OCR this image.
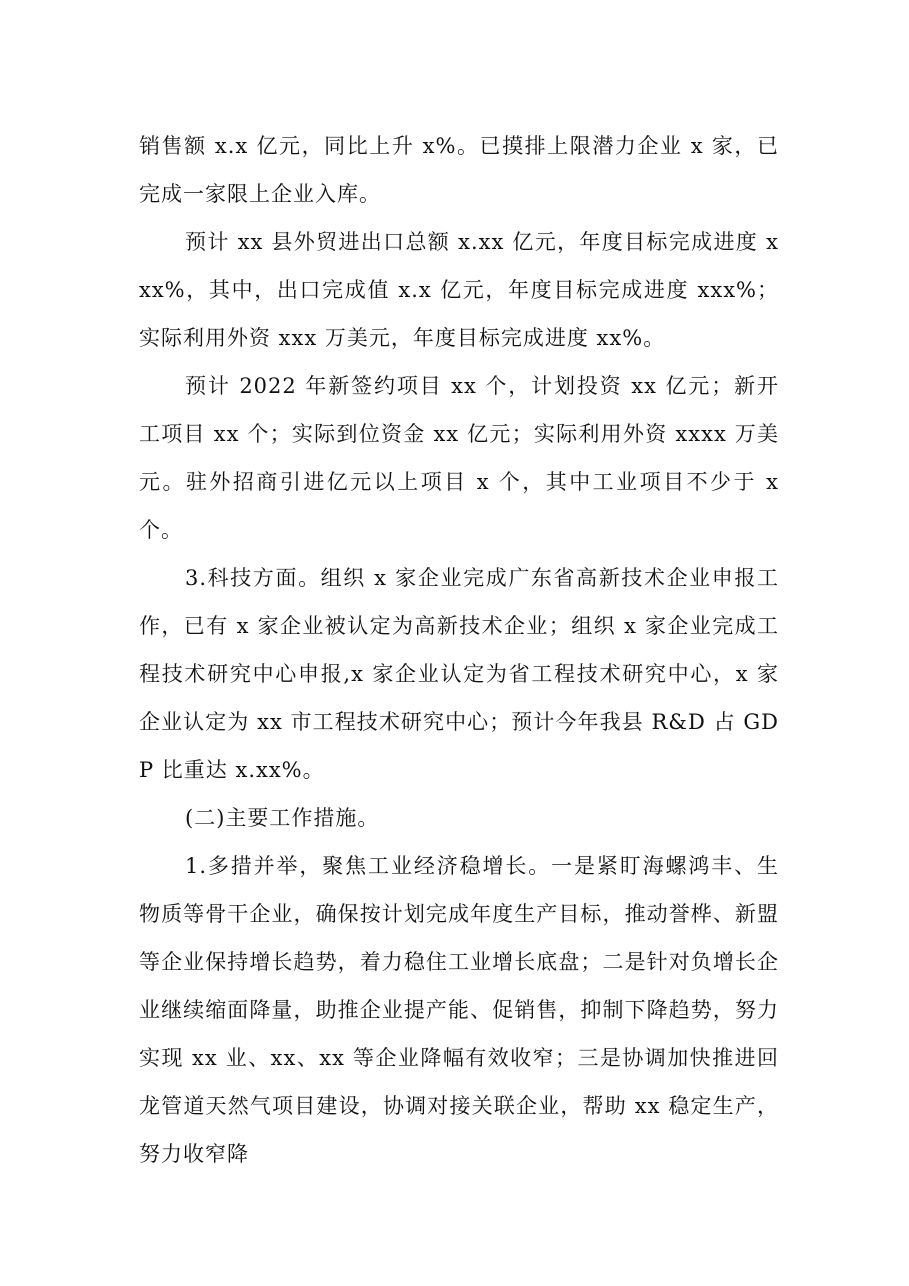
销售额 x.x 亿元，同比上升 x%。已摸排上限潜力企业 x 家，已完成一家限上企业入库。

预计 xx 县外贸进出口总额 x.xx 亿元，年度目标完成进度 xxx%，其中，出口完成值 x.x 亿元，年度目标完成进度 xxx%；实际利用外资 xxx 万美元，年度目标完成进度 xx%。

预计 2022 年新签约项目 xx 个，计划投资 xx 亿元；新开工项目 xx 个；实际到位资金 xx 亿元；实际利用外资 xxxx 万美元。驻外招商引进亿元以上项目 x 个，其中工业项目不少于 x 个。

3.科技方面。组织 x 家企业完成广东省高新技术企业申报工作，已有 x 家企业被认定为高新技术企业；组织 x 家企业完成工程技术研究中心申报,x 家企业认定为省工程技术研究中心，x 家企业认定为 xx 市工程技术研究中心；预计今年我县 R&D 占 GDP 比重达 x.xx%。

(二)主要工作措施。

1.多措并举，聚焦工业经济稳增长。一是紧盯海螺鸿丰、生物质等骨干企业，确保按计划完成年度生产目标，推动誉桦、新盟等企业保持增长趋势，着力稳住工业增长底盘；二是针对负增长企业继续缩面降量，助推企业提产能、促销售，抑制下降趋势，努力实现 xx 业、xx、xx 等企业降幅有效收窄；三是协调加快推进回龙管道天然气项目建设，协调对接关联企业，帮助 xx 稳定生产，努力收窄降
